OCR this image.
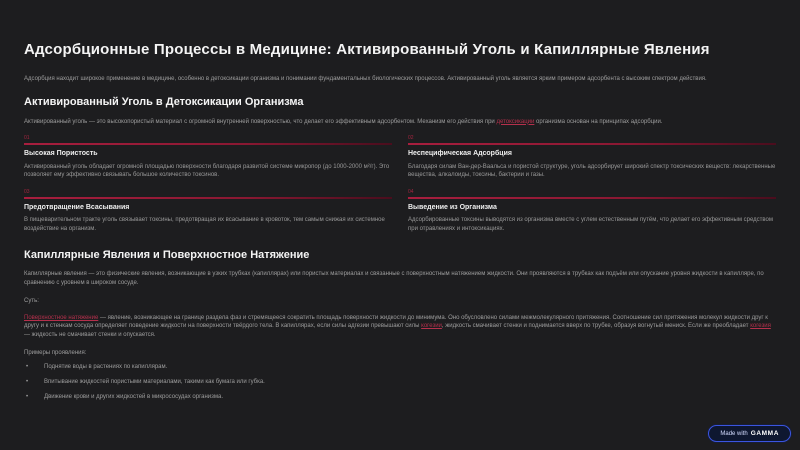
Адсорбционные Процессы в Медицине: Активированный Уголь и Капиллярные Явления

Адсорбция находит широкое применение в медицине, особенно в детоксикации организма и понимании фундаментальных биологических процессов. Активированный уголь является ярким примером адсорбента с высоким спектром действия.

Активированный Уголь в Детоксикации Организма

Активированный уголь — это высокопористый материал с огромной внутренней поверхностью, что делает его эффективным адсорбентом. Механизм его действия при детоксикации организма основан на принципах адсорбции.

01
Высокая Пористость

Активированный уголь обладает огромной площадью поверхности благодаря развитой системе микропор (до 1000-2000 м²/г). Это позволяет ему эффективно связывать большое количество токсинов.

02
Неспецифическая Адсорбция

Благодаря силам Ван-дер-Ваальса и пористой структуре, уголь адсорбирует широкий спектр токсических веществ: лекарственные вещества, алкалоиды, токсины, бактерии и газы.

03
Предотвращение Всасывания

В пищеварительном тракте уголь связывает токсины, предотвращая их всасывание в кровоток, тем самым снижая их системное воздействие на организм.

04
Выведение из Организма

Адсорбированные токсины выводятся из организма вместе с углем естественным путём, что делает его эффективным средством при отравлениях и интоксикациях.

Капиллярные Явления и Поверхностное Натяжение

Капиллярные явления — это физические явления, возникающие в узких трубках (капиллярах) или пористых материалах и связанные с поверхностным натяжением жидкости. Они проявляются в трубках как подъём или опускание уровня жидкости в капилляре, по сравнению с уровнем в широком сосуде.

Суть:

Поверхностное натяжение — явление, возникающее на границе раздела фаз и стремящееся сократить площадь поверхности жидкости до минимума. Оно обусловлено силами межмолекулярного притяжения. Соотношение сил притяжения молекул жидкости друг к другу и к стенкам сосуда определяет поведение жидкости на поверхности твёрдого тела. В капиллярах, если силы адгезии превышают силы когезии, жидкость смачивает стенки и поднимается вверх по трубке, образуя вогнутый мениск. Если же преобладает когезия — жидкость не смачивает стенки и опускается.

Примеры проявления:

• Поднятие воды в растениях по капиллярам.
• Впитывание жидкостей пористыми материалами, такими как бумага или губка.
• Движение крови и других жидкостей в микрососудах организма.
Made with GAMMA
